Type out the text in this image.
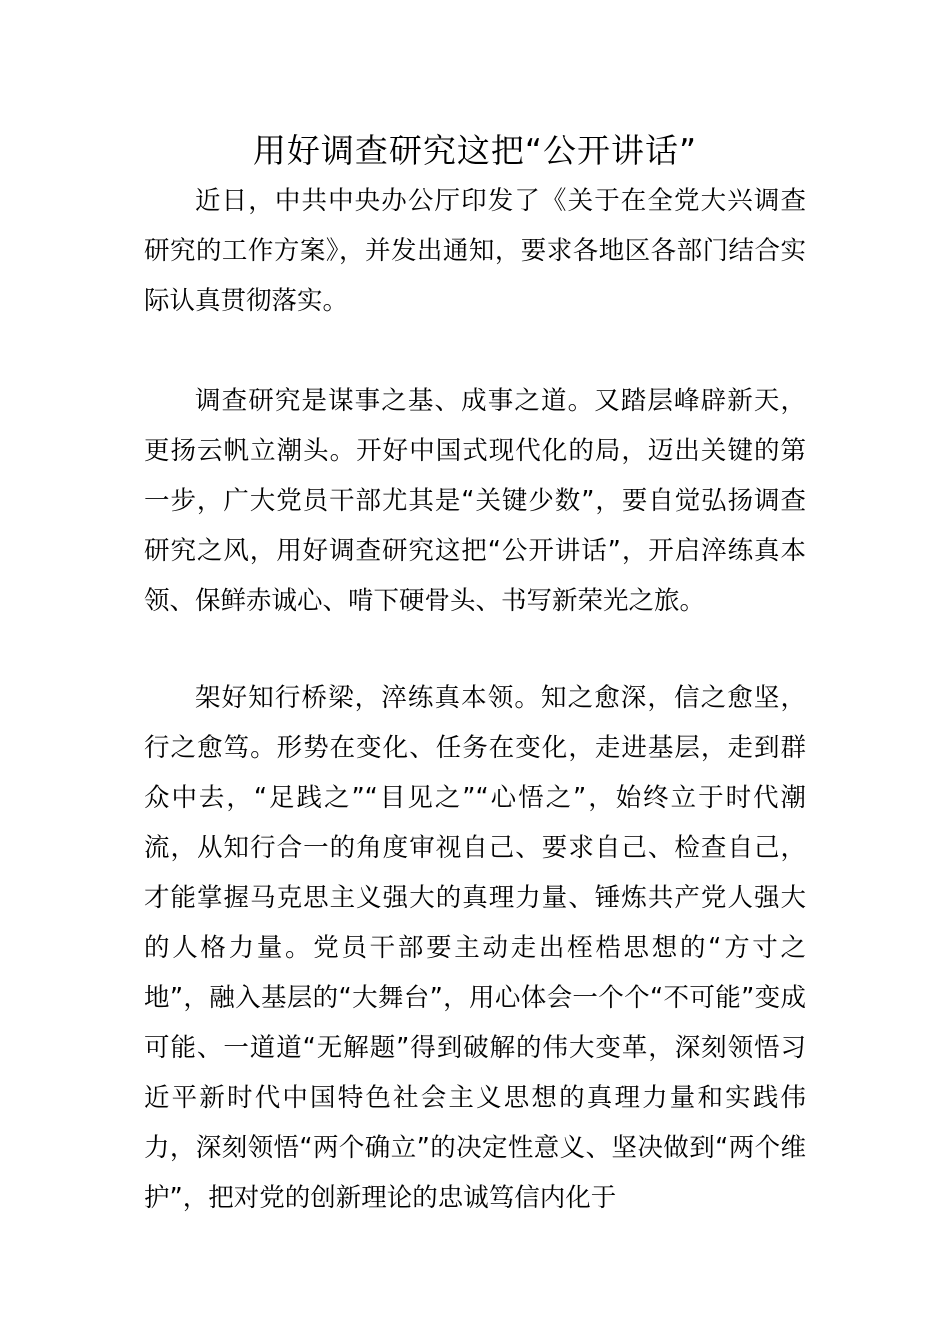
用好调查研究这把“公开讲话”

近日，中共中央办公厅印发了《关于在全党大兴调查研究的工作方案》，并发出通知，要求各地区各部门结合实际认真贯彻落实。

调查研究是谋事之基、成事之道。又踏层峰辟新天，更扬云帆立潮头。开好中国式现代化的局，迈出关键的第一步，广大党员干部尤其是“关键少数”，要自觉弘扬调查研究之风，用好调查研究这把“公开讲话”，开启淬练真本领、保鲜赤诚心、啃下硬骨头、书写新荣光之旅。

架好知行桥梁，淬练真本领。知之愈深，信之愈坚，行之愈笃。形势在变化、任务在变化，走进基层，走到群众中去，“足践之”“目见之”“心悟之”，始终立于时代潮流，从知行合一的角度审视自己、要求自己、检查自己，才能掌握马克思主义强大的真理力量、锤炼共产党人强大的人格力量。党员干部要主动走出桎梏思想的“方寸之地”，融入基层的“大舞台”，用心体会一个个“不可能”变成可能、一道道“无解题”得到破解的伟大变革，深刻领悟习近平新时代中国特色社会主义思想的真理力量和实践伟力，深刻领悟“两个确立”的决定性意义、坚决做到“两个维护”，把对党的创新理论的忠诚笃信内化于
